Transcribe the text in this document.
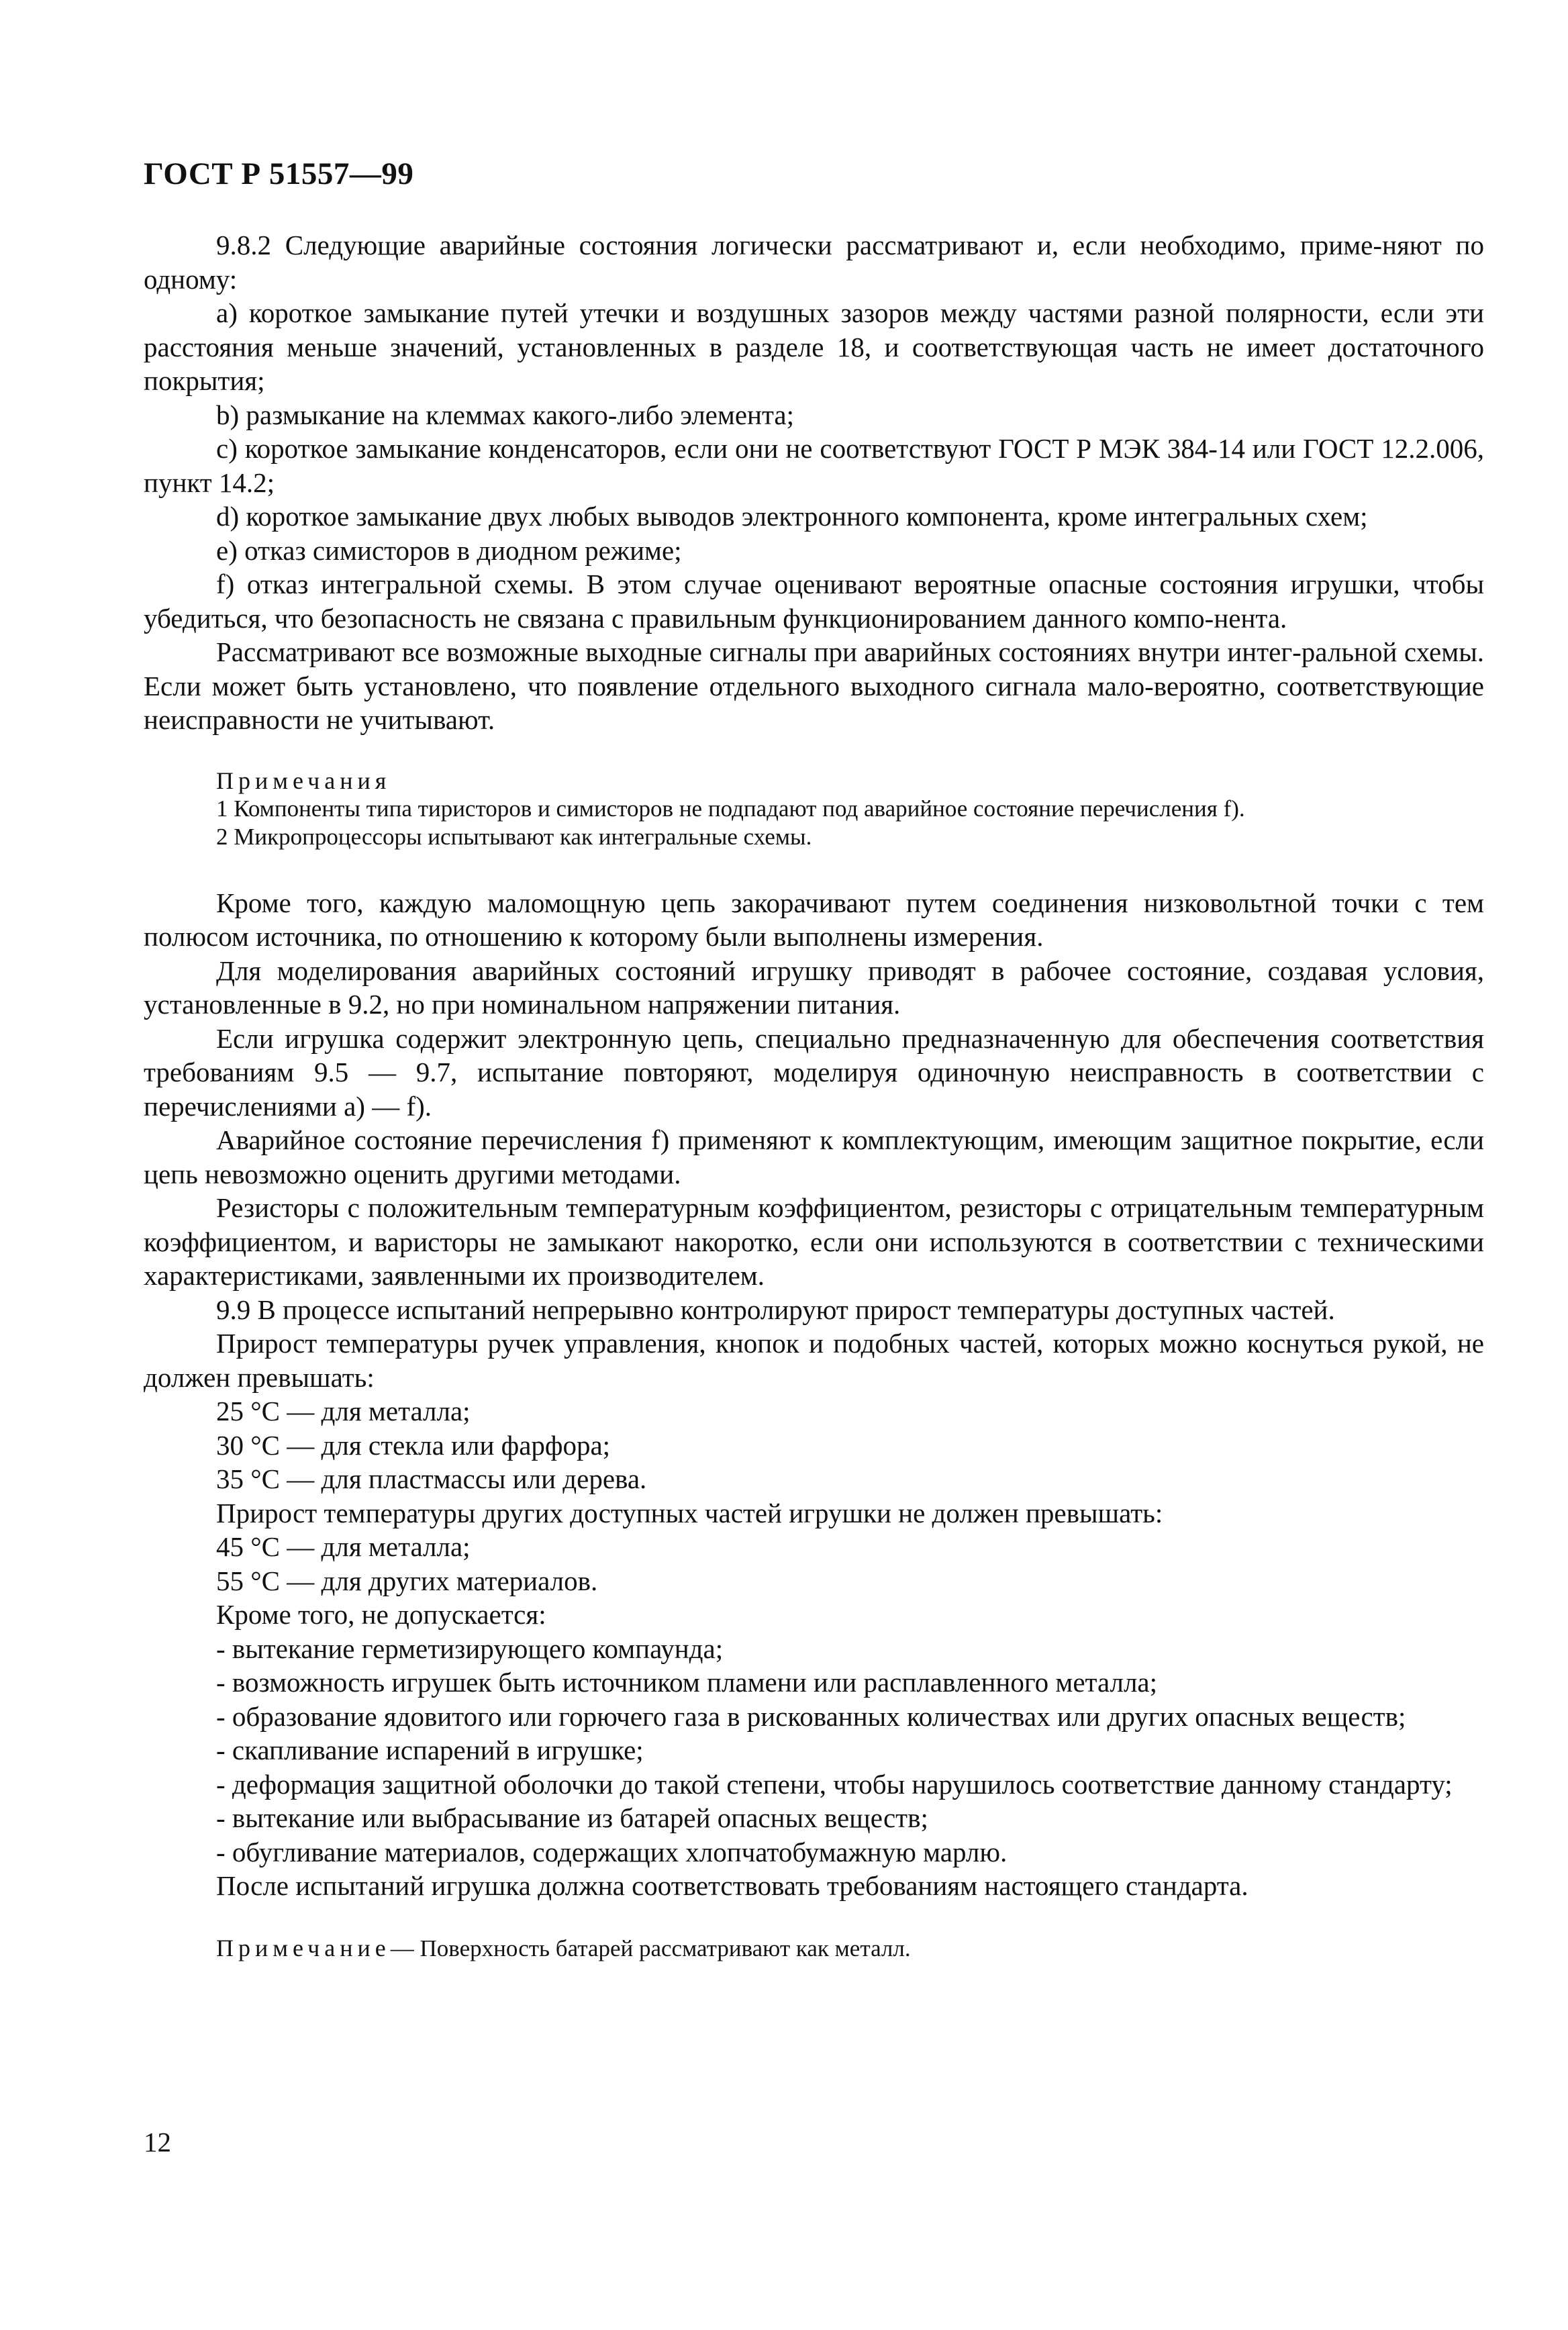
ГОСТ Р 51557—99

9.8.2 Следующие аварийные состояния логически рассматривают и, если необходимо, приме-няют по одному:

а) короткое замыкание путей утечки и воздушных зазоров между частями разной полярности, если эти расстояния меньше значений, установленных в разделе 18, и соответствующая часть не имеет достаточного покрытия;

b) размыкание на клеммах какого-либо элемента;

c) короткое замыкание конденсаторов, если они не соответствуют ГОСТ Р МЭК 384-14 или ГОСТ 12.2.006, пункт 14.2;

d) короткое замыкание двух любых выводов электронного компонента, кроме интегральных схем;

e) отказ симисторов в диодном режиме;

f) отказ интегральной схемы. В этом случае оценивают вероятные опасные состояния игрушки, чтобы убедиться, что безопасность не связана с правильным функционированием данного компо-нента.

Рассматривают все возможные выходные сигналы при аварийных состояниях внутри интег-ральной схемы. Если может быть установлено, что появление отдельного выходного сигнала мало-вероятно, соответствующие неисправности не учитывают.

Примечания
1 Компоненты типа тиристоров и симисторов не подпадают под аварийное состояние перечисления f).
2 Микропроцессоры испытывают как интегральные схемы.

Кроме того, каждую маломощную цепь закорачивают путем соединения низковольтной точки с тем полюсом источника, по отношению к которому были выполнены измерения.

Для моделирования аварийных состояний игрушку приводят в рабочее состояние, создавая условия, установленные в 9.2, но при номинальном напряжении питания.

Если игрушка содержит электронную цепь, специально предназначенную для обеспечения соответствия требованиям 9.5 — 9.7, испытание повторяют, моделируя одиночную неисправность в соответствии с перечислениями а) — f).

Аварийное состояние перечисления f) применяют к комплектующим, имеющим защитное покрытие, если цепь невозможно оценить другими методами.

Резисторы с положительным температурным коэффициентом, резисторы с отрицательным температурным коэффициентом, и варисторы не замыкают накоротко, если они используются в соответствии с техническими характеристиками, заявленными их производителем.

9.9 В процессе испытаний непрерывно контролируют прирост температуры доступных частей.

Прирост температуры ручек управления, кнопок и подобных частей, которых можно коснуться рукой, не должен превышать:

25 °С — для металла;

30 °С — для стекла или фарфора;

35 °С — для пластмассы или дерева.

Прирост температуры других доступных частей игрушки не должен превышать:

45 °С — для металла;

55 °С — для других материалов.

Кроме того, не допускается:

- вытекание герметизирующего компаунда;

- возможность игрушек быть источником пламени или расплавленного металла;

- образование ядовитого или горючего газа в рискованных количествах или других опасных веществ;

- скапливание испарений в игрушке;

- деформация защитной оболочки до такой степени, чтобы нарушилось соответствие данному стандарту;

- вытекание или выбрасывание из батарей опасных веществ;

- обугливание материалов, содержащих хлопчатобумажную марлю.

После испытаний игрушка должна соответствовать требованиям настоящего стандарта.

Примечание— Поверхность батарей рассматривают как металл.
12
